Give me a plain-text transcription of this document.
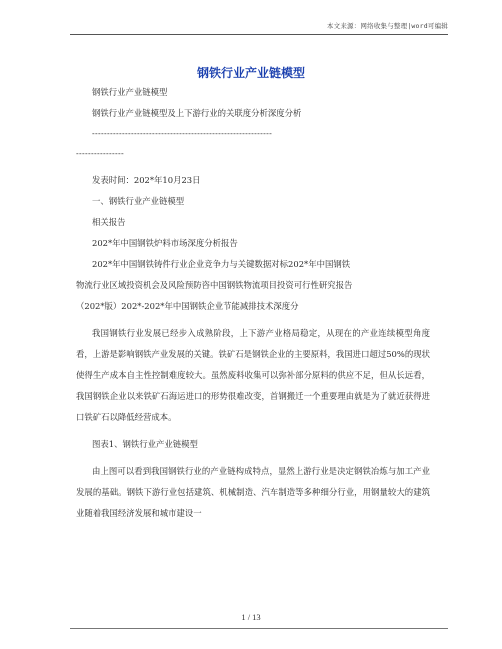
本文来源：网络收集与整理|word可编辑
钢铁行业产业链模型

钢铁行业产业链模型

钢铁行业产业链模型及上下游行业的关联度分析深度分析

------------------------------------------------------------
----------------

发表时间：202*年10月23日

一、钢铁行业产业链模型

相关报告

202*年中国钢铁炉料市场深度分析报告

202*年中国钢铁铸件行业企业竞争力与关键数据对标202*年中国钢铁

物流行业区域投资机会及风险预防咨中国钢铁物流项目投资可行性研究报告

（202*版）202*-202*年中国钢铁企业节能减排技术深度分

我国钢铁行业发展已经步入成熟阶段，上下游产业格局稳定，从现在的产业连续模型角度看，上游是影响钢铁产业发展的关键。铁矿石是钢铁企业的主要原料，我国进口超过50%的现状使得生产成本自主性控制难度较大。虽然废料收集可以弥补部分原料的供应不足，但从长远看，我国钢铁企业以来铁矿石海运进口的形势很难改变，首钢搬迁一个重要理由就是为了就近获得进口铁矿石以降低经营成本。

图表1、钢铁行业产业链模型

由上图可以看到我国钢铁行业的产业链构成特点，显然上游行业是决定钢铁冶炼与加工产业发展的基础。钢铁下游行业包括建筑、机械制造、汽车制造等多种细分行业，用钢量较大的建筑业随着我国经济发展和城市建设一

1 / 13
